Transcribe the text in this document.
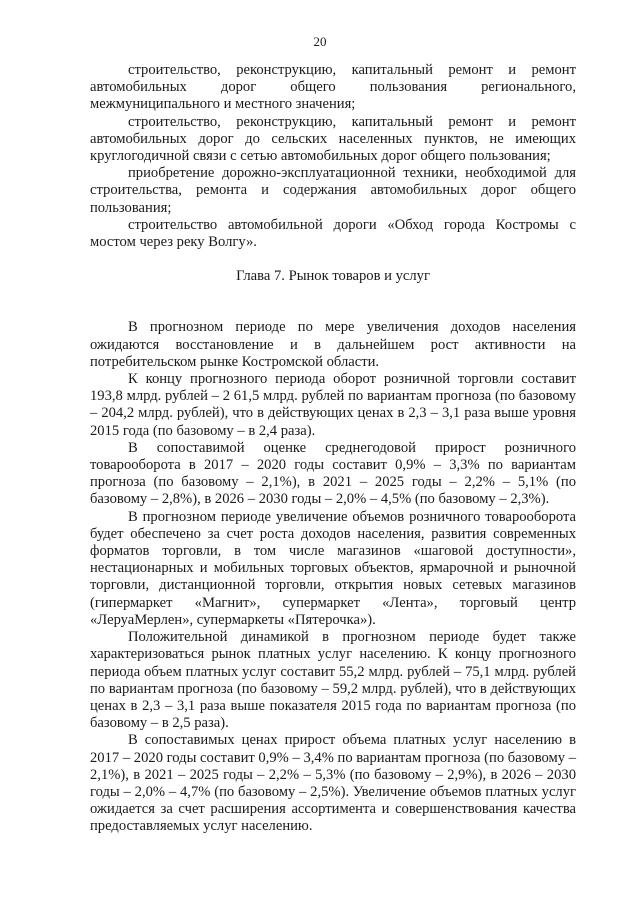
20

строительство, реконструкцию, капитальный ремонт и ремонт автомобильных дорог общего пользования регионального, межмуниципального и местного значения;

строительство, реконструкцию, капитальный ремонт и ремонт автомобильных дорог до сельских населенных пунктов, не имеющих круглогодичной связи с сетью автомобильных дорог общего пользования;

приобретение дорожно-эксплуатационной техники, необходимой для строительства, ремонта и содержания автомобильных дорог общего пользования;

строительство автомобильной дороги «Обход города Костромы с мостом через реку Волгу».

Глава 7. Рынок товаров и услуг

В прогнозном периоде по мере увеличения доходов населения ожидаются восстановление и в дальнейшем рост активности на потребительском рынке Костромской области.

К концу прогнозного периода оборот розничной торговли составит 193,8 млрд. рублей – 2 61,5 млрд. рублей по вариантам прогноза (по базовому – 204,2 млрд. рублей), что в действующих ценах в 2,3 – 3,1 раза выше уровня 2015 года (по базовому – в 2,4 раза).

В сопоставимой оценке среднегодовой прирост розничного товарооборота в 2017 – 2020 годы составит 0,9% – 3,3% по вариантам прогноза (по базовому – 2,1%), в 2021 – 2025 годы – 2,2% – 5,1% (по базовому – 2,8%), в 2026 – 2030 годы – 2,0% – 4,5% (по базовому – 2,3%).

В прогнозном периоде увеличение объемов розничного товарооборота будет обеспечено за счет роста доходов населения, развития современных форматов торговли, в том числе магазинов «шаговой доступности», нестационарных и мобильных торговых объектов, ярмарочной и рыночной торговли, дистанционной торговли, открытия новых сетевых магазинов (гипермаркет «Магнит», супермаркет «Лента», торговый центр «ЛеруаМерлен», супермаркеты «Пятерочка»).

Положительной динамикой в прогнозном периоде будет также характеризоваться рынок платных услуг населению. К концу прогнозного периода объем платных услуг составит 55,2 млрд. рублей – 75,1 млрд. рублей по вариантам прогноза (по базовому – 59,2 млрд. рублей), что в действующих ценах в 2,3 – 3,1 раза выше показателя 2015 года по вариантам прогноза (по базовому – в 2,5 раза).

В сопоставимых ценах прирост объема платных услуг населению в 2017 – 2020 годы составит 0,9% – 3,4% по вариантам прогноза (по базовому – 2,1%), в 2021 – 2025 годы – 2,2% – 5,3% (по базовому – 2,9%), в 2026 – 2030 годы – 2,0% – 4,7% (по базовому – 2,5%). Увеличение объемов платных услуг ожидается за счет расширения ассортимента и совершенствования качества предоставляемых услуг населению.
